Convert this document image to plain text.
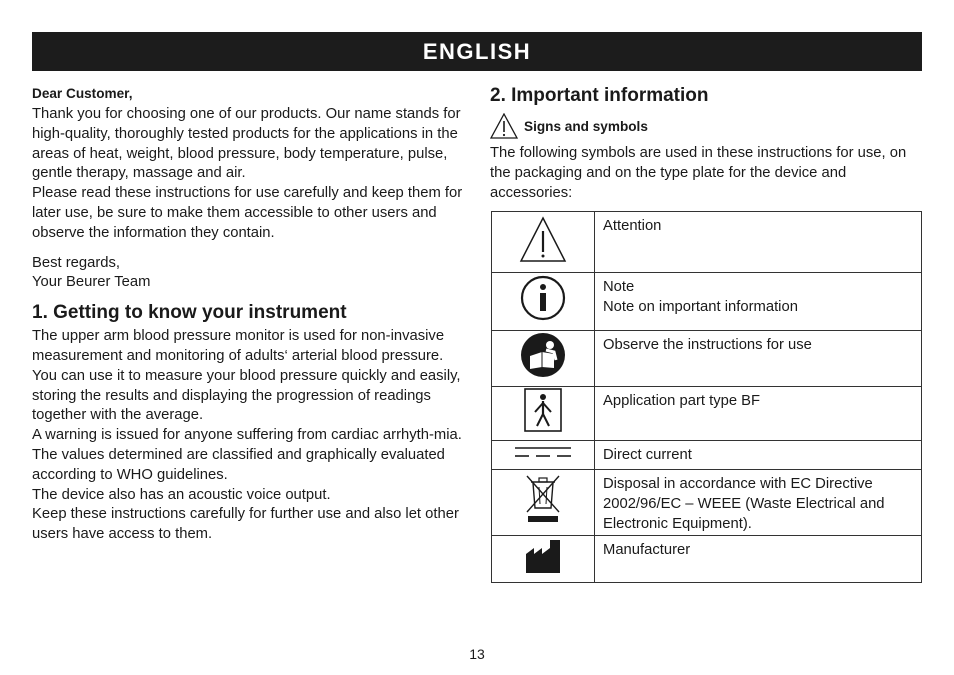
ENGLISH

Dear Customer,

Thank you for choosing one of our products. Our name stands for high-quality, thoroughly tested products for the applications in the areas of heat, weight, blood pressure, body temperature, pulse, gentle therapy, massage and air.

Please read these instructions for use carefully and keep them for later use, be sure to make them accessible to other users and observe the information they contain.

Best regards,

Your Beurer Team

1. Getting to know your instrument

The upper arm blood pressure monitor is used for non-invasive measurement and monitoring of adults‘ arterial blood pressure. You can use it to measure your blood pressure quickly and easily, storing the results and displaying the progression of readings together with the average.

A warning is issued for anyone suffering from cardiac arrhyth-mia.

The values determined are classified and graphically evaluated according to WHO guidelines.

The device also has an acoustic voice output.

Keep these instructions carefully for further use and also let other users have access to them.

2. Important information
Signs and symbols

The following symbols are used in these instructions for use, on the packaging and on the type plate for the device and accessories:

Attention

Note
Note on important information

Observe the instructions for use

Application part type BF

Direct current

Disposal in accordance with EC Directive 2002/96/EC – WEEE (Waste Electrical and Electronic Equipment).

Manufacturer
13
